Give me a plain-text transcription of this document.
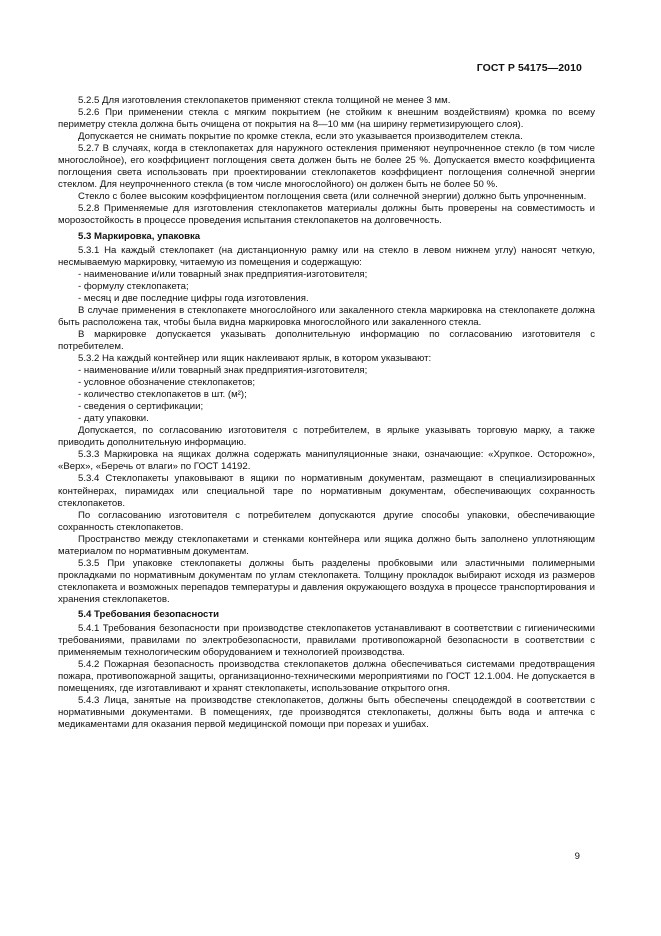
ГОСТ Р 54175—2010

5.2.5 Для изготовления стеклопакетов применяют стекла толщиной не менее 3 мм.

5.2.6 При применении стекла с мягким покрытием (не стойким к внешним воздействиям) кромка по всему периметру стекла должна быть очищена от покрытия на 8—10 мм (на ширину герметизирующего слоя).

Допускается не снимать покрытие по кромке стекла, если это указывается производителем стекла.

5.2.7 В случаях, когда в стеклопакетах для наружного остекления применяют неупрочненное стекло (в том числе многослойное), его коэффициент поглощения света должен быть не более 25 %. Допускается вместо коэффициента поглощения света использовать при проектировании стеклопакетов коэффициент поглощения солнечной энергии стеклом. Для неупрочненного стекла (в том числе многослойного) он должен быть не более 50 %.

Стекло с более высоким коэффициентом поглощения света (или солнечной энергии) должно быть упрочненным.

5.2.8 Применяемые для изготовления стеклопакетов материалы должны быть проверены на совместимость и морозостойкость в процессе проведения испытания стеклопакетов на долговечность.

5.3 Маркировка, упаковка

5.3.1 На каждый стеклопакет (на дистанционную рамку или на стекло в левом нижнем углу) наносят четкую, несмываемую маркировку, читаемую из помещения и содержащую:

- наименование и/или товарный знак предприятия-изготовителя;

- формулу стеклопакета;

- месяц и две последние цифры года изготовления.

В случае применения в стеклопакете многослойного или закаленного стекла маркировка на стеклопакете должна быть расположена так, чтобы была видна маркировка многослойного или закаленного стекла.

В маркировке допускается указывать дополнительную информацию по согласованию изготовителя с потребителем.

5.3.2 На каждый контейнер или ящик наклеивают ярлык, в котором указывают:

- наименование и/или товарный знак предприятия-изготовителя;

- условное обозначение стеклопакетов;

- количество стеклопакетов в шт. (м²);

- сведения о сертификации;

- дату упаковки.

Допускается, по согласованию изготовителя с потребителем, в ярлыке указывать торговую марку, а также приводить дополнительную информацию.

5.3.3 Маркировка на ящиках должна содержать манипуляционные знаки, означающие: «Хрупкое. Осторожно», «Верх», «Беречь от влаги» по ГОСТ 14192.

5.3.4 Стеклопакеты упаковывают в ящики по нормативным документам, размещают в специализированных контейнерах, пирамидах или специальной таре по нормативным документам, обеспечивающих сохранность стеклопакетов.

По согласованию изготовителя с потребителем допускаются другие способы упаковки, обеспечивающие сохранность стеклопакетов.

Пространство между стеклопакетами и стенками контейнера или ящика должно быть заполнено уплотняющим материалом по нормативным документам.

5.3.5 При упаковке стеклопакеты должны быть разделены пробковыми или эластичными полимерными прокладками по нормативным документам по углам стеклопакета. Толщину прокладок выбирают исходя из размеров стеклопакета и возможных перепадов температуры и давления окружающего воздуха в процессе транспортирования и хранения стеклопакетов.

5.4 Требования безопасности

5.4.1 Требования безопасности при производстве стеклопакетов устанавливают в соответствии с гигиеническими требованиями, правилами по электробезопасности, правилами противопожарной безопасности в соответствии с применяемым технологическим оборудованием и технологией производства.

5.4.2 Пожарная безопасность производства стеклопакетов должна обеспечиваться системами предотвращения пожара, противопожарной защиты, организационно-техническими мероприятиями по ГОСТ 12.1.004. Не допускается в помещениях, где изготавливают и хранят стеклопакеты, использование открытого огня.

5.4.3 Лица, занятые на производстве стеклопакетов, должны быть обеспечены спецодеждой в соответствии с нормативными документами. В помещениях, где производятся стеклопакеты, должны быть вода и аптечка с медикаментами для оказания первой медицинской помощи при порезах и ушибах.

9
